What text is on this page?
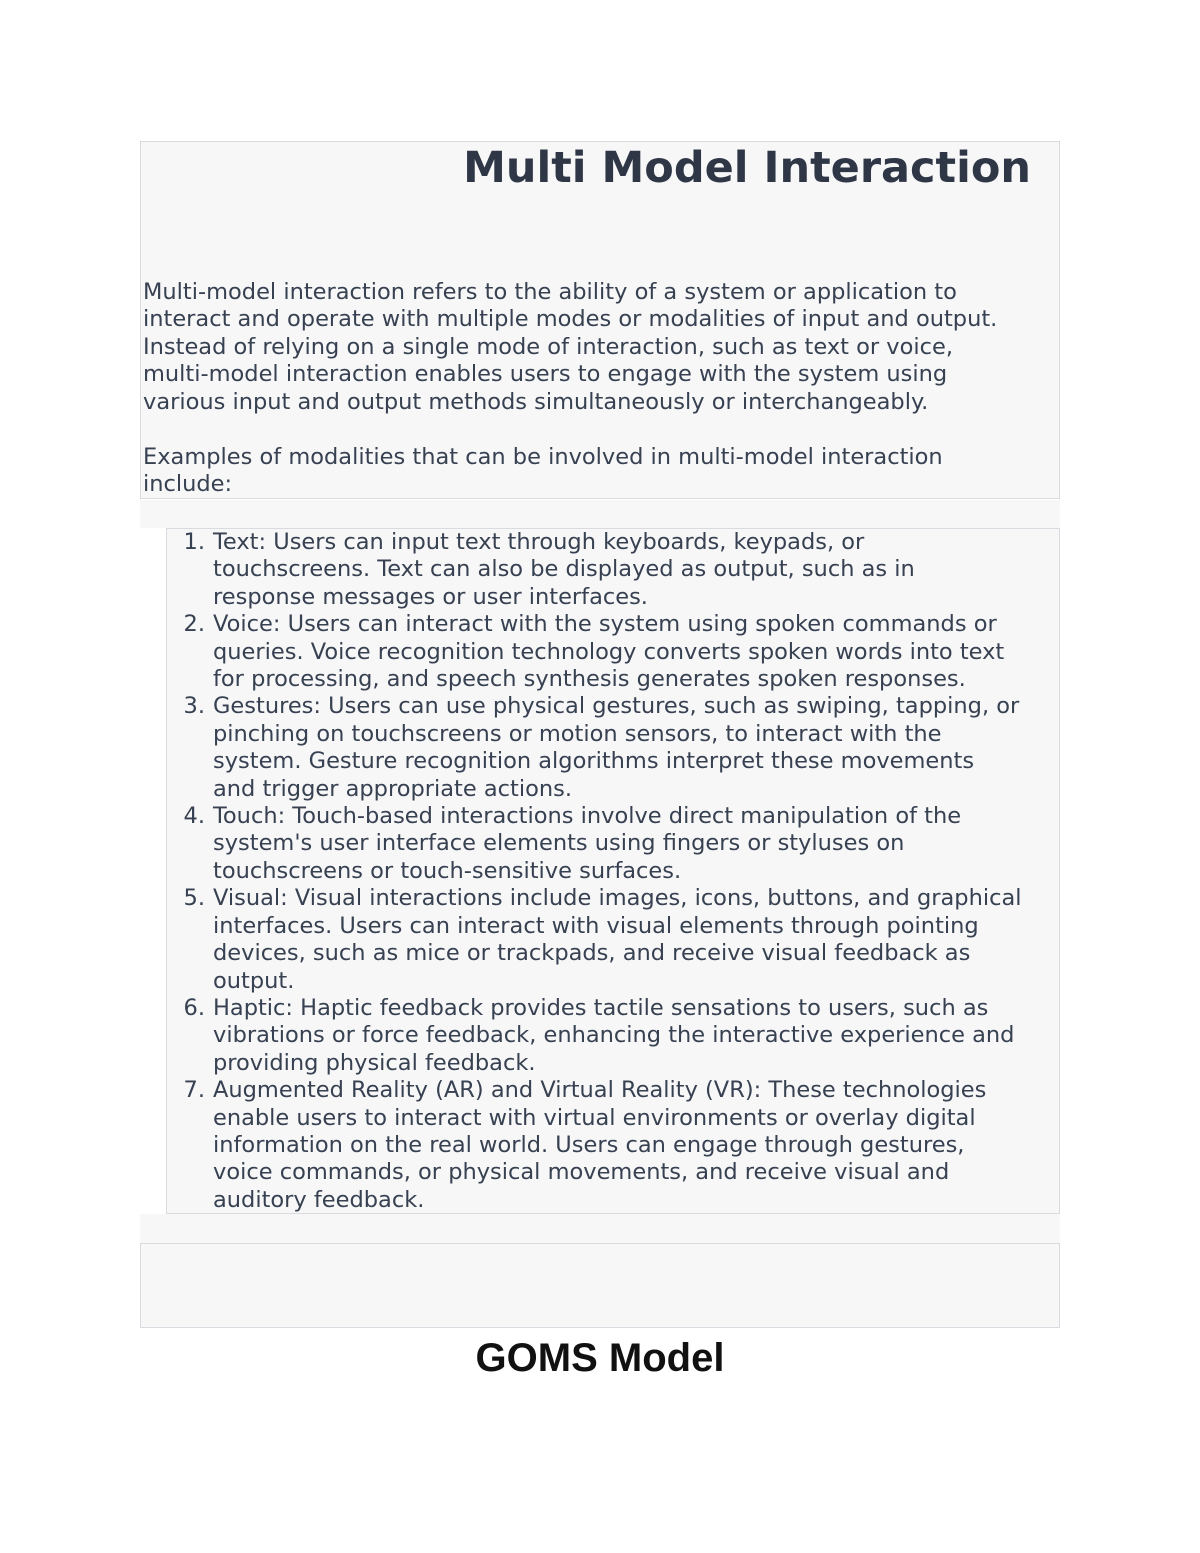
Multi Model Interaction

Multi-model interaction refers to the ability of a system or application to
interact and operate with multiple modes or modalities of input and output.
Instead of relying on a single mode of interaction, such as text or voice,
multi-model interaction enables users to engage with the system using
various input and output methods simultaneously or interchangeably.

Examples of modalities that can be involved in multi-model interaction
include:

1. Text: Users can input text through keyboards, keypads, or
touchscreens. Text can also be displayed as output, such as in
response messages or user interfaces.
2. Voice: Users can interact with the system using spoken commands or
queries. Voice recognition technology converts spoken words into text
for processing, and speech synthesis generates spoken responses.
3. Gestures: Users can use physical gestures, such as swiping, tapping, or
pinching on touchscreens or motion sensors, to interact with the
system. Gesture recognition algorithms interpret these movements
and trigger appropriate actions.
4. Touch: Touch-based interactions involve direct manipulation of the
system's user interface elements using fingers or styluses on
touchscreens or touch-sensitive surfaces.
5. Visual: Visual interactions include images, icons, buttons, and graphical
interfaces. Users can interact with visual elements through pointing
devices, such as mice or trackpads, and receive visual feedback as
output.
6. Haptic: Haptic feedback provides tactile sensations to users, such as
vibrations or force feedback, enhancing the interactive experience and
providing physical feedback.
7. Augmented Reality (AR) and Virtual Reality (VR): These technologies
enable users to interact with virtual environments or overlay digital
information on the real world. Users can engage through gestures,
voice commands, or physical movements, and receive visual and
auditory feedback.
GOMS Model
